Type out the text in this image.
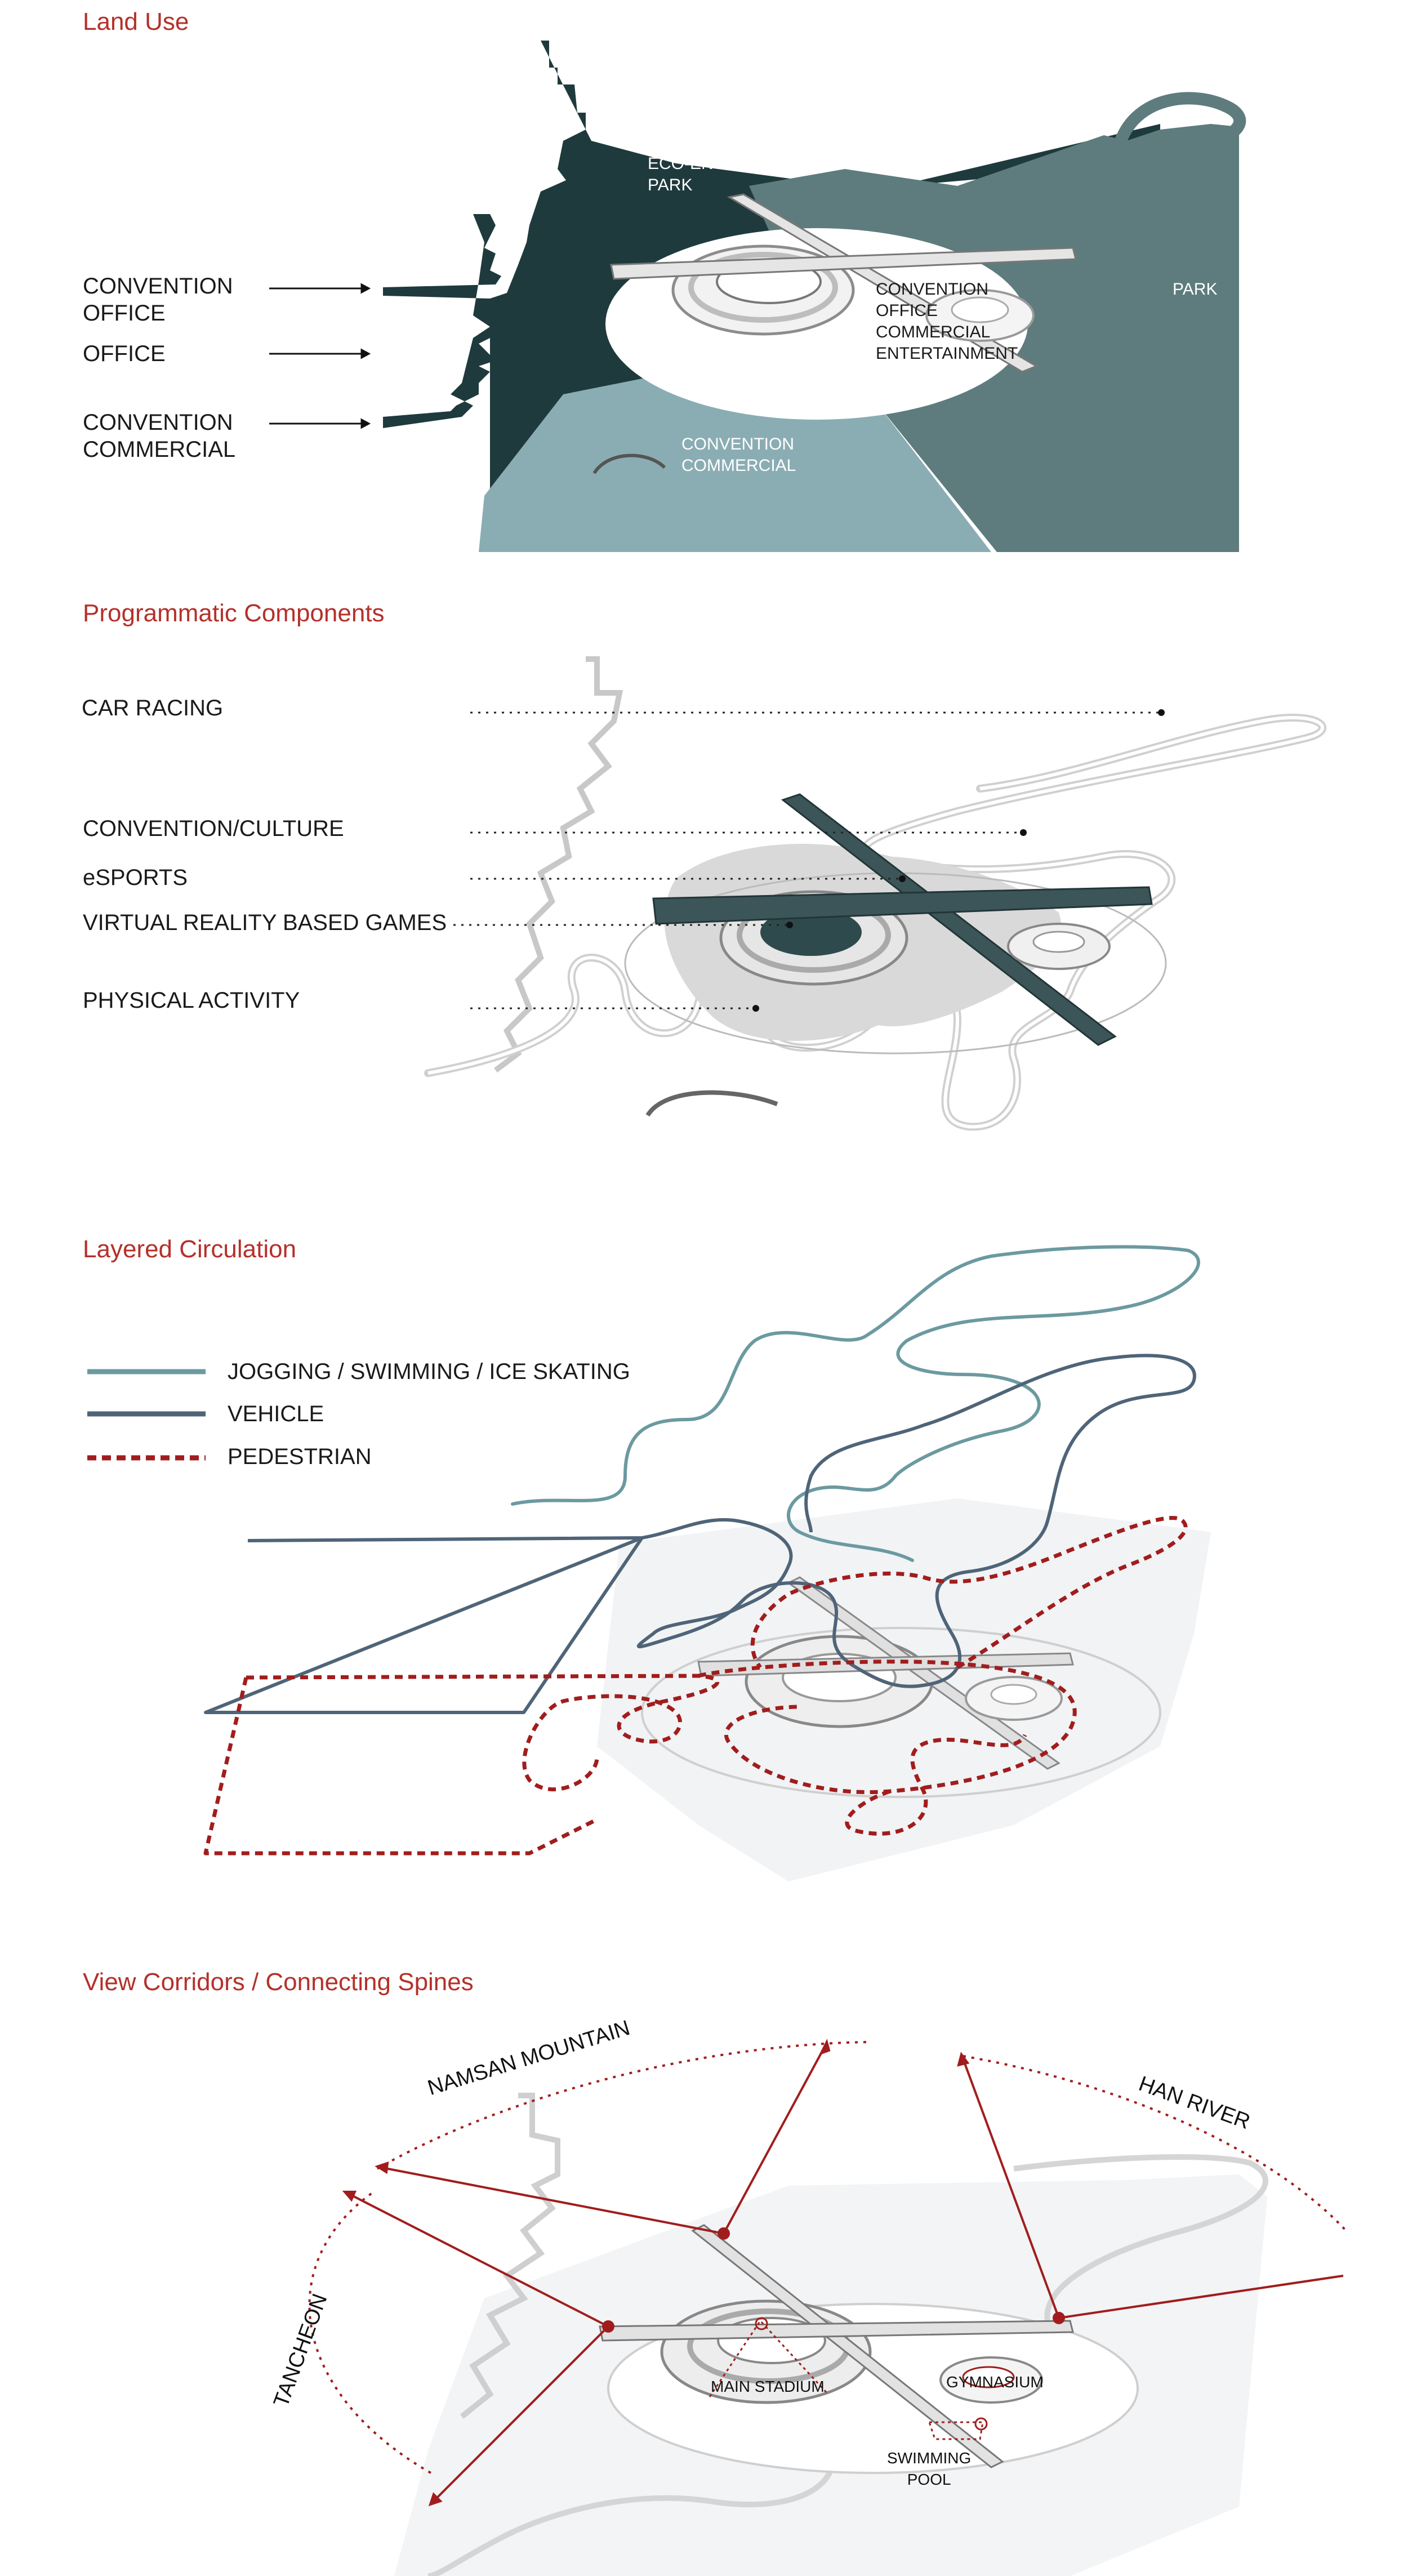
Land Use
CONVENTION
OFFICE
OFFICE
CONVENTION
COMMERCIAL
ECO-ENTERTAINMENT
PARK
CONVENTION
OFFICE
COMMERCIAL
ENTERTAINMENT
PARK
CONVENTION
COMMERCIAL
Programmatic Components
CAR RACING
CONVENTION/CULTURE
eSPORTS
VIRTUAL REALITY BASED GAMES
PHYSICAL ACTIVITY
Layered Circulation
JOGGING / SWIMMING / ICE SKATING
VEHICLE
PEDESTRIAN
View Corridors / Connecting Spines
NAMSAN MOUNTAIN
HAN RIVER
TANCHEON	MAIN STADIUM	GYMNASIUM
SWIMMING
POOL
